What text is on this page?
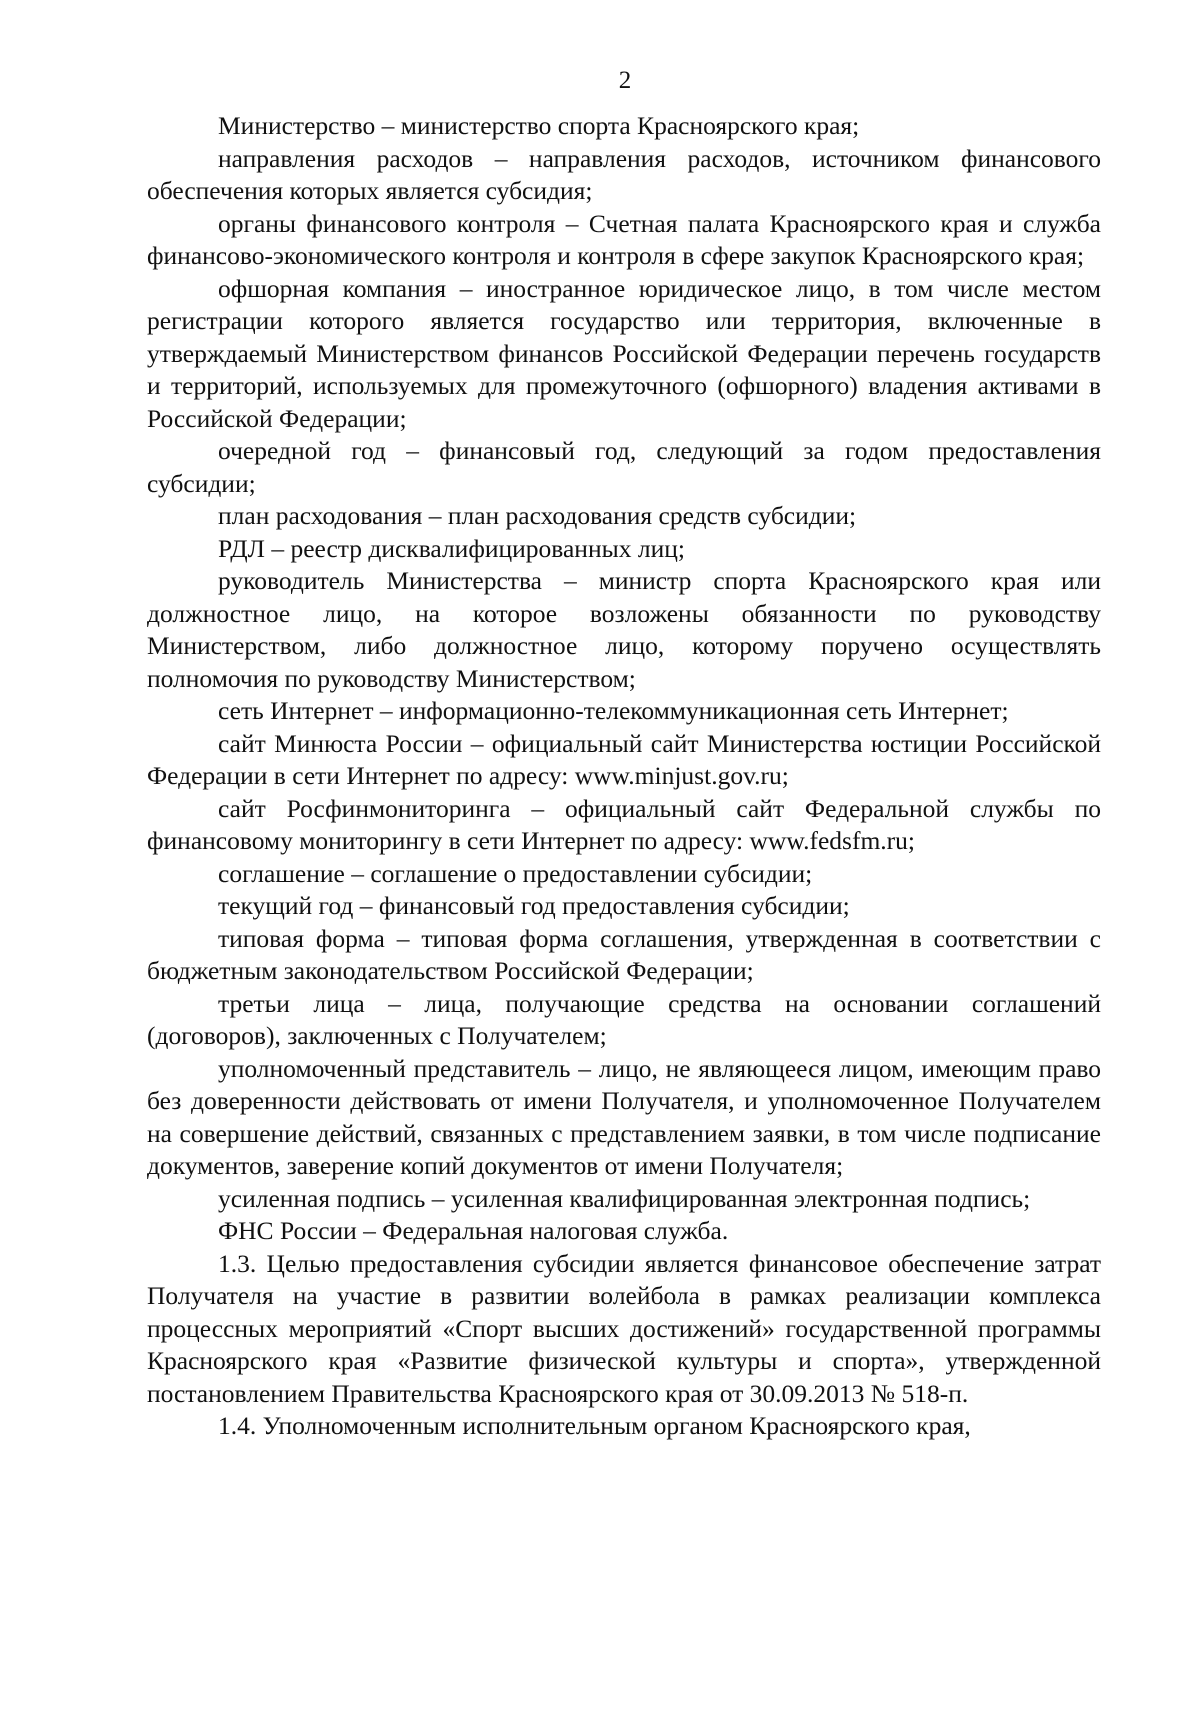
2

Министерство – министерство спорта Красноярского края;

направления расходов – направления расходов, источником финансового обеспечения которых является субсидия;

органы финансового контроля – Счетная палата Красноярского края и служба финансово-экономического контроля и контроля в сфере закупок Красноярского края;

офшорная компания – иностранное юридическое лицо, в том числе местом регистрации которого является государство или территория, включенные в утверждаемый Министерством финансов Российской Федерации перечень государств и территорий, используемых для промежуточного (офшорного) владения активами в Российской Федерации;

очередной год – финансовый год, следующий за годом предоставления субсидии;

план расходования – план расходования средств субсидии;

РДЛ – реестр дисквалифицированных лиц;

руководитель Министерства – министр спорта Красноярского края или должностное лицо, на которое возложены обязанности по руководству Министерством, либо должностное лицо, которому поручено осуществлять полномочия по руководству Министерством;

сеть Интернет – информационно-телекоммуникационная сеть Интернет;

сайт Минюста России – официальный сайт Министерства юстиции Российской Федерации в сети Интернет по адресу: www.minjust.gov.ru;

сайт Росфинмониторинга – официальный сайт Федеральной службы по финансовому мониторингу в сети Интернет по адресу: www.fedsfm.ru;

соглашение – соглашение о предоставлении субсидии;

текущий год – финансовый год предоставления субсидии;

типовая форма – типовая форма соглашения, утвержденная в соответствии с бюджетным законодательством Российской Федерации;

третьи лица – лица, получающие средства на основании соглашений (договоров), заключенных с Получателем;

уполномоченный представитель – лицо, не являющееся лицом, имеющим право без доверенности действовать от имени Получателя, и уполномоченное Получателем на совершение действий, связанных с представлением заявки, в том числе подписание документов, заверение копий документов от имени Получателя;

усиленная подпись – усиленная квалифицированная электронная подпись;

ФНС России – Федеральная налоговая служба.

1.3. Целью предоставления субсидии является финансовое обеспечение затрат Получателя на участие в развитии волейбола в рамках реализации комплекса процессных мероприятий «Спорт высших достижений» государственной программы Красноярского края «Развитие физической культуры и спорта», утвержденной постановлением Правительства Красноярского края от 30.09.2013 № 518-п.

1.4. Уполномоченным исполнительным органом Красноярского края,
